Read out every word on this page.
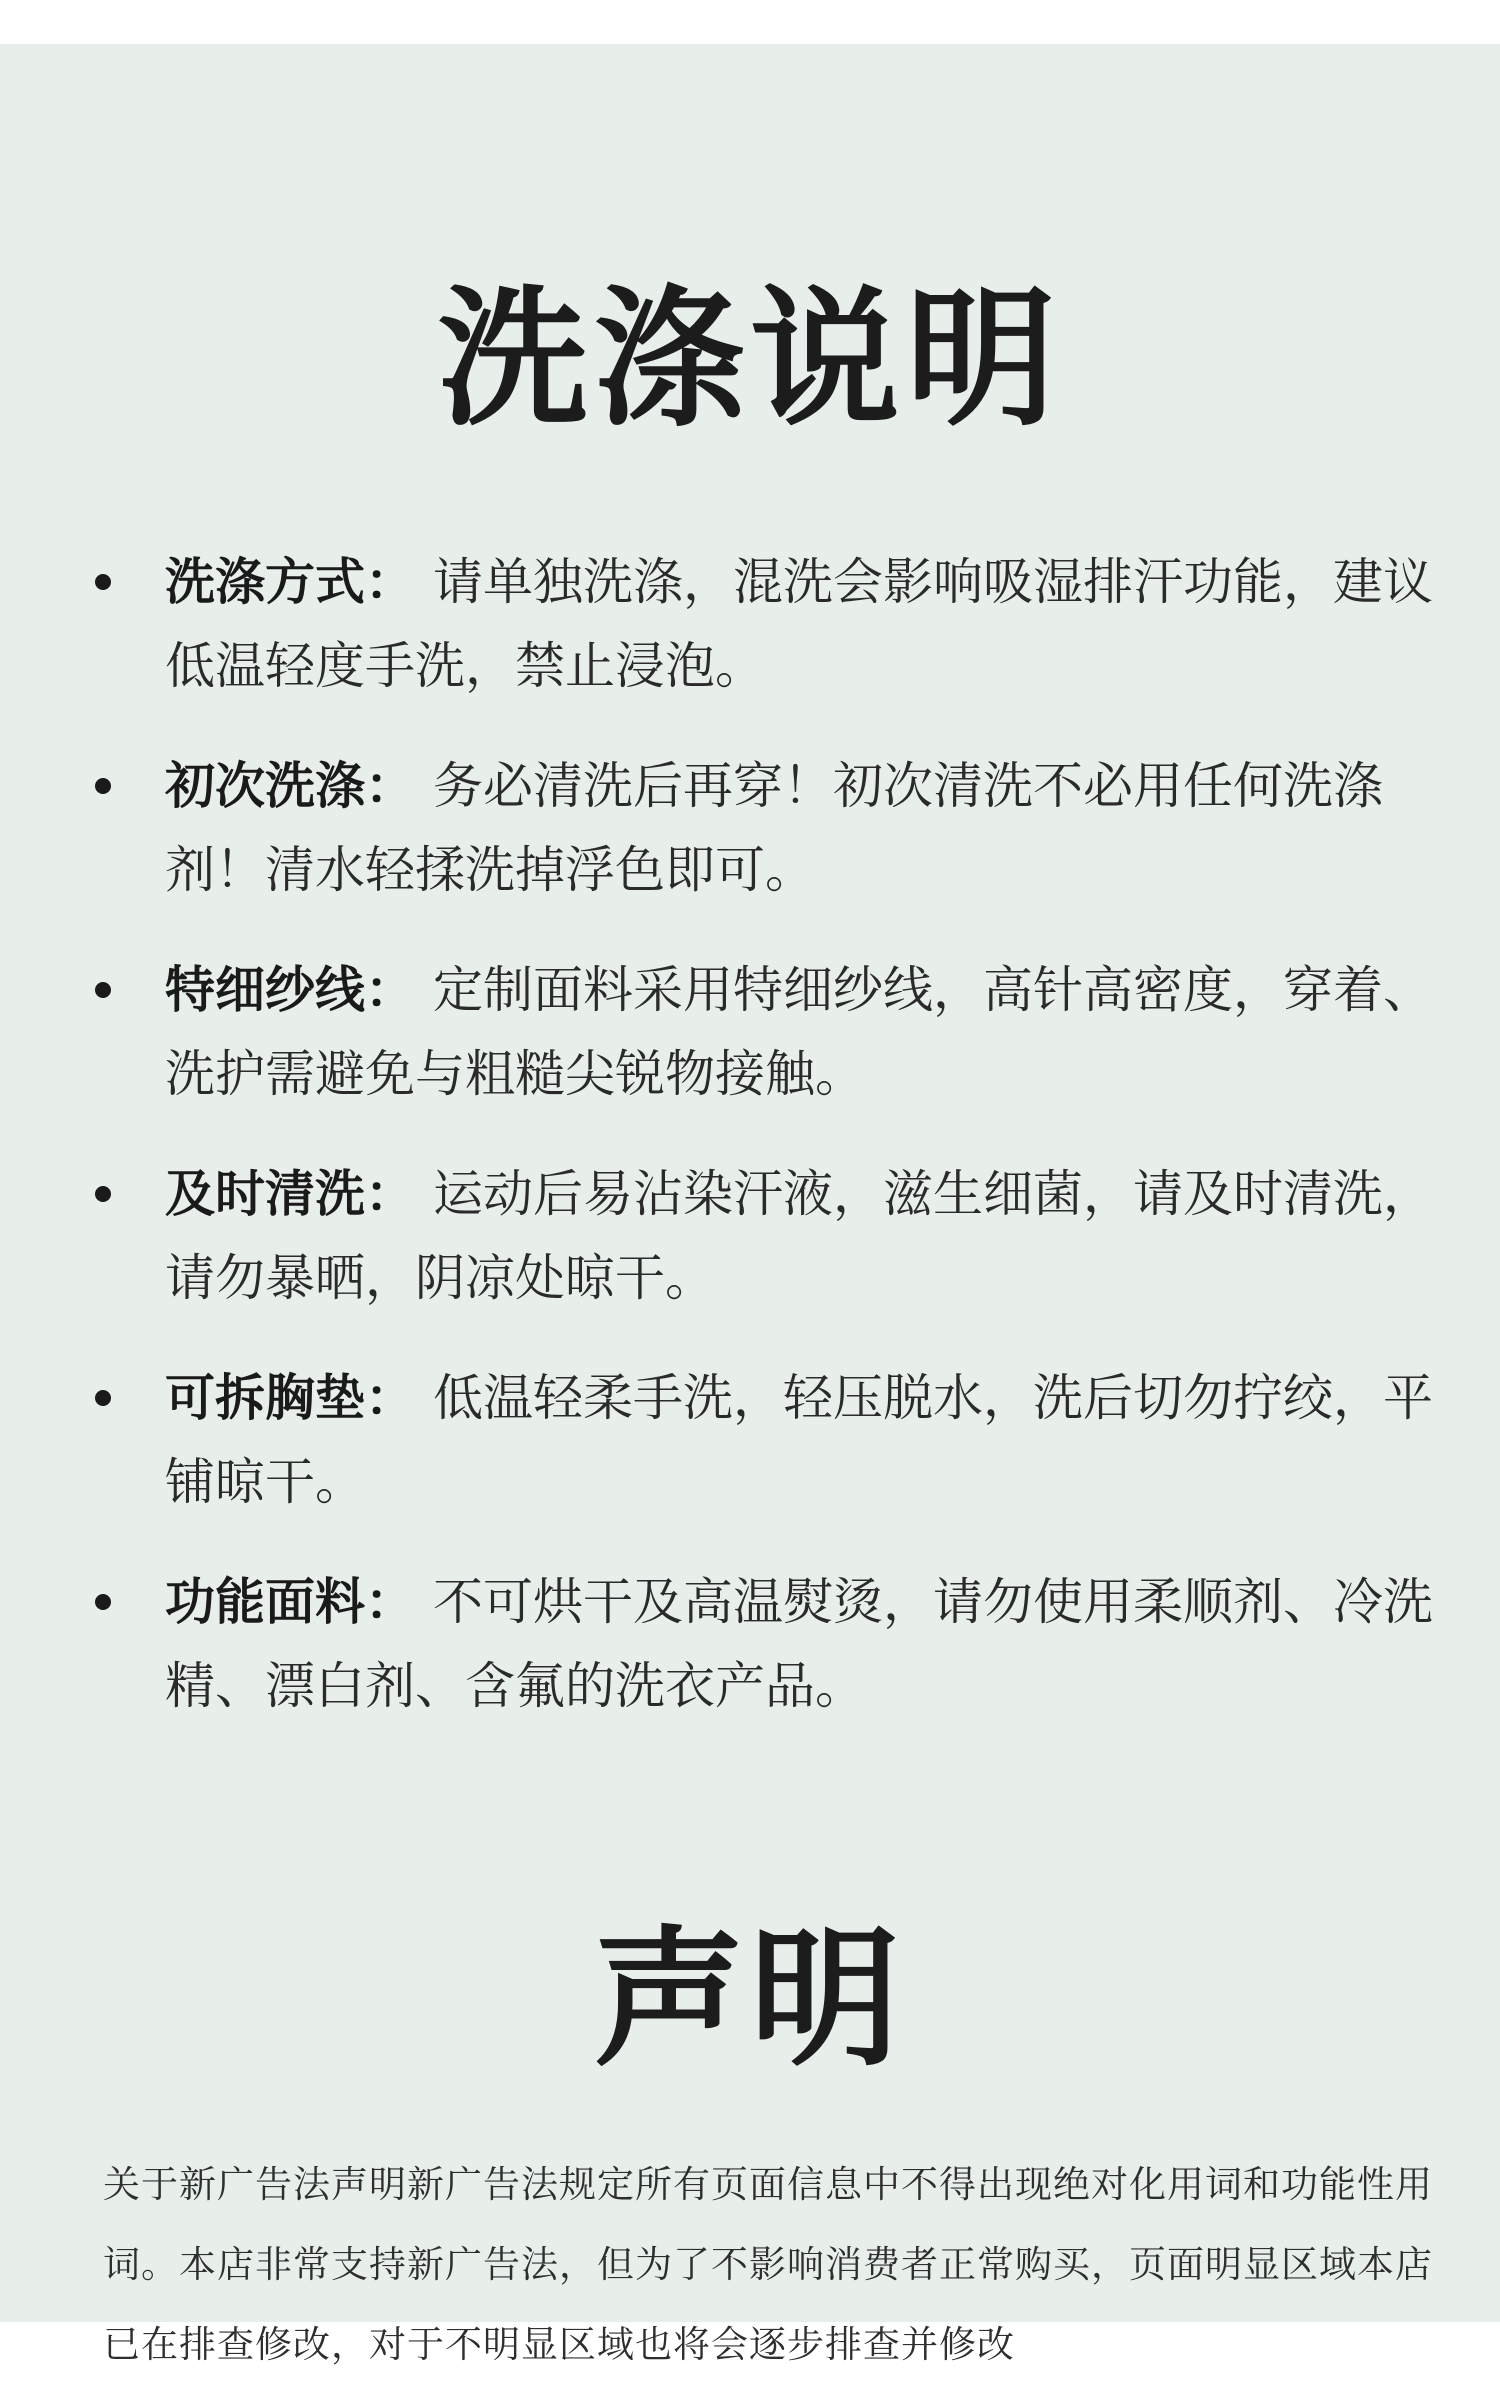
洗涤说明
洗涤方式： 请单独洗涤，混洗会影响吸湿排汗功能，建议低温轻度手洗，禁止浸泡。
初次洗涤： 务必清洗后再穿！初次清洗不必用任何洗涤剂！清水轻揉洗掉浮色即可。
特细纱线： 定制面料采用特细纱线，高针高密度，穿着、洗护需避免与粗糙尖锐物接触。
及时清洗： 运动后易沾染汗液，滋生细菌，请及时清洗，请勿暴晒，阴凉处晾干。
可拆胸垫： 低温轻柔手洗，轻压脱水，洗后切勿拧绞，平铺晾干。
功能面料： 不可烘干及高温熨烫，请勿使用柔顺剂、冷洗精、漂白剂、含氟的洗衣产品。
声明

关于新广告法声明新广告法规定所有页面信息中不得出现绝对化用词和功能性用词。本店非常支持新广告法，但为了不影响消费者正常购买，页面明显区域本店已在排查修改，对于不明显区域也将会逐步排查并修改
